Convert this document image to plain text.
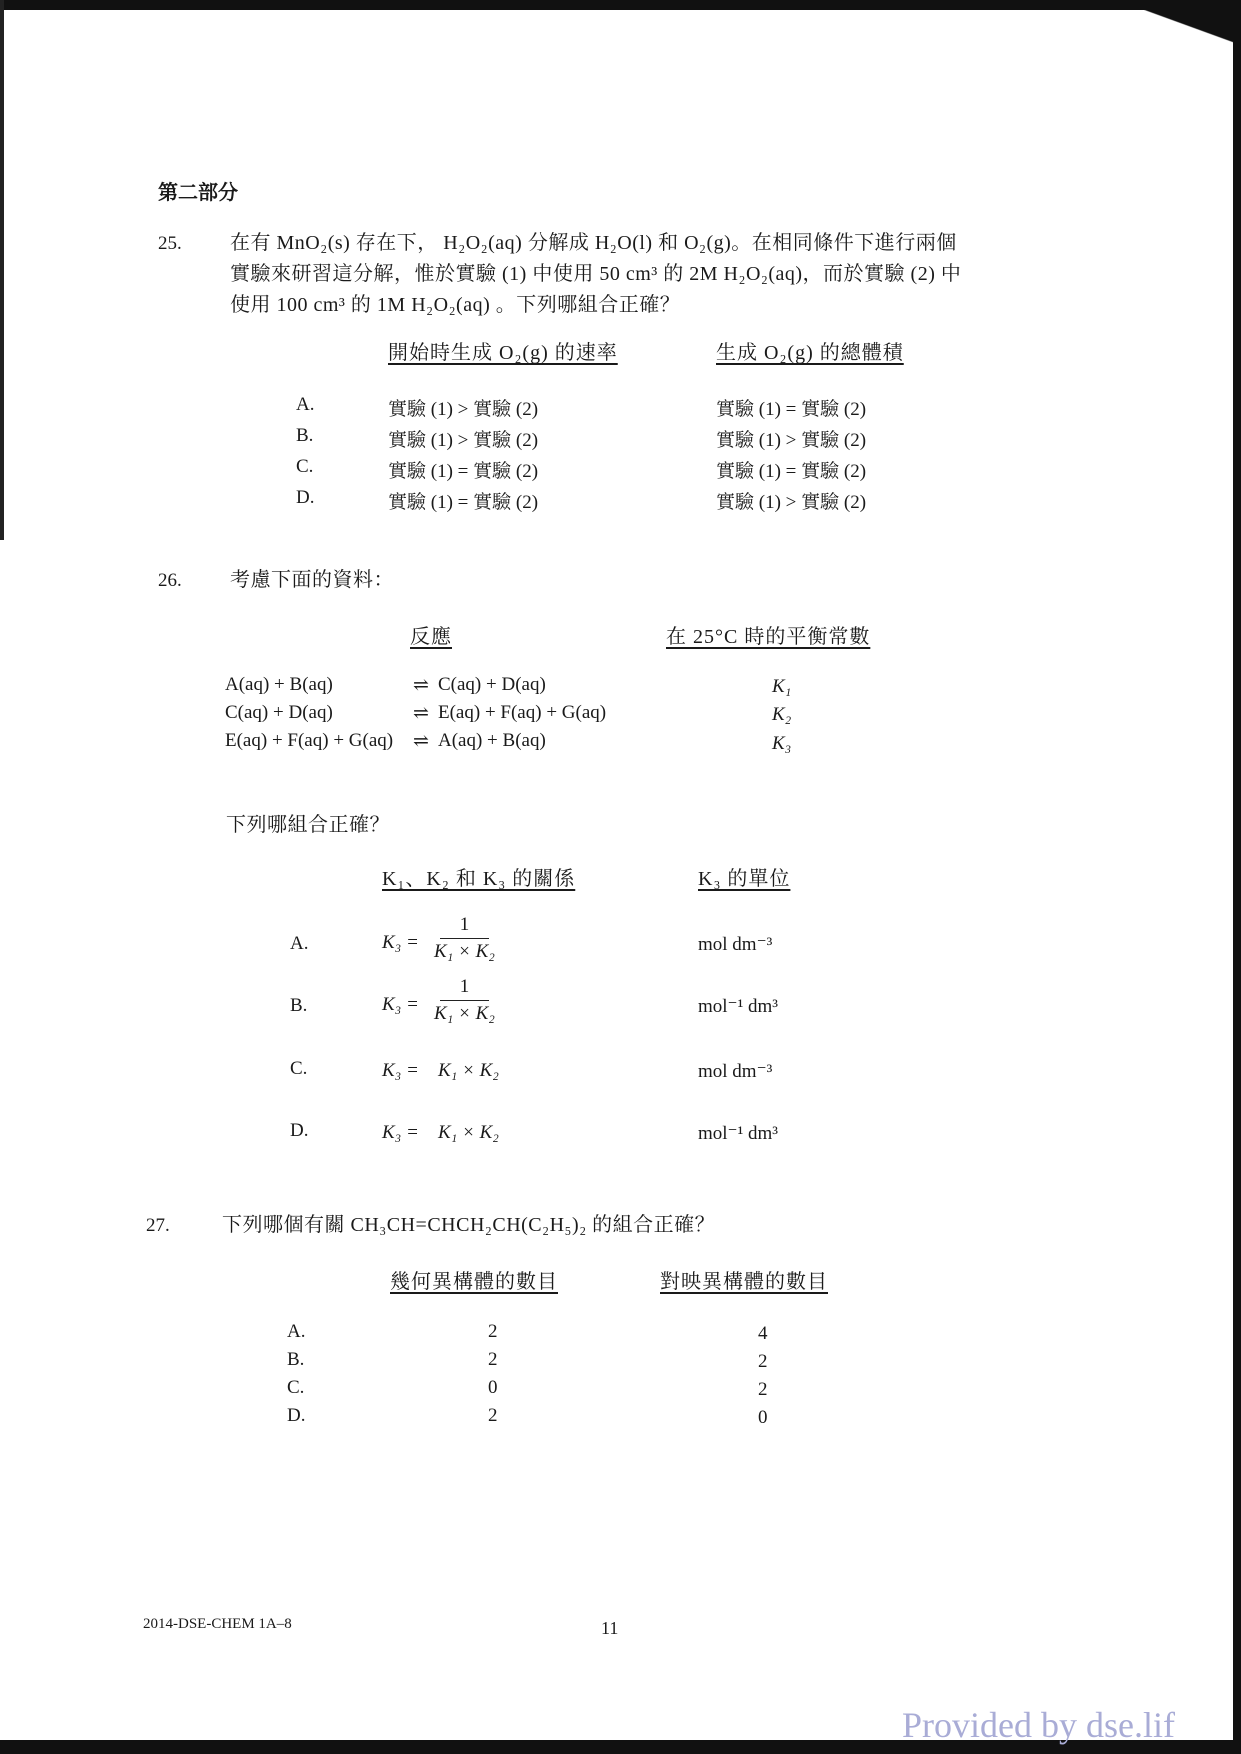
第二部分
25. 在有 MnO₂(s) 存在下， H₂O₂(aq) 分解成 H₂O(l) 和 O₂(g)。在相同條件下進行兩個
實驗來研習這分解，惟於實驗 (1) 中使用 50 cm³ 的 2M H₂O₂(aq)，而於實驗 (2) 中
使用 100 cm³ 的 1M H₂O₂(aq) 。下列哪組合正確？
開始時生成 O₂(g) 的速率	生成 O₂(g) 的總體積
A.	實驗 (1) > 實驗 (2)	實驗 (1) = 實驗 (2)
B.	實驗 (1) > 實驗 (2)	實驗 (1) > 實驗 (2)
C.	實驗 (1) = 實驗 (2)	實驗 (1) = 實驗 (2)
D.	實驗 (1) = 實驗 (2)	實驗 (1) > 實驗 (2)
26. 考慮下面的資料：
反應	在 25°C 時的平衡常數
A(aq) + B(aq)	⇌ C(aq) + D(aq)	K₁
C(aq) + D(aq)	⇌ E(aq) + F(aq) + G(aq)	K₂
E(aq) + F(aq) + G(aq) ⇌ A(aq) + B(aq)	K₃
下列哪組合正確？
K₁、K₂ 和 K₃ 的關係	K₃ 的單位
A.	$K_3 = \frac{1}{\text{K₁ × K₂}}$	mol dm⁻³
B.	$K_3 = \frac{1}{\text{K₁ × K₂}}$	mol⁻¹ dm³
C.	K₃ = K₁ × K₂	mol dm⁻³
D.	K₃ = K₁ × K₂	mol⁻¹ dm³
27.	下列哪個有關 CH₃CH=CHCH₂CH(C₂H₅)₂ 的組合正確？
幾何異構體的數目	對映異構體的數目
A.	2	4
B.	2	2
C.	0	2
D.	2	0
2014-DSE-CHEM 1A–8	11
Provided by dse.lif
